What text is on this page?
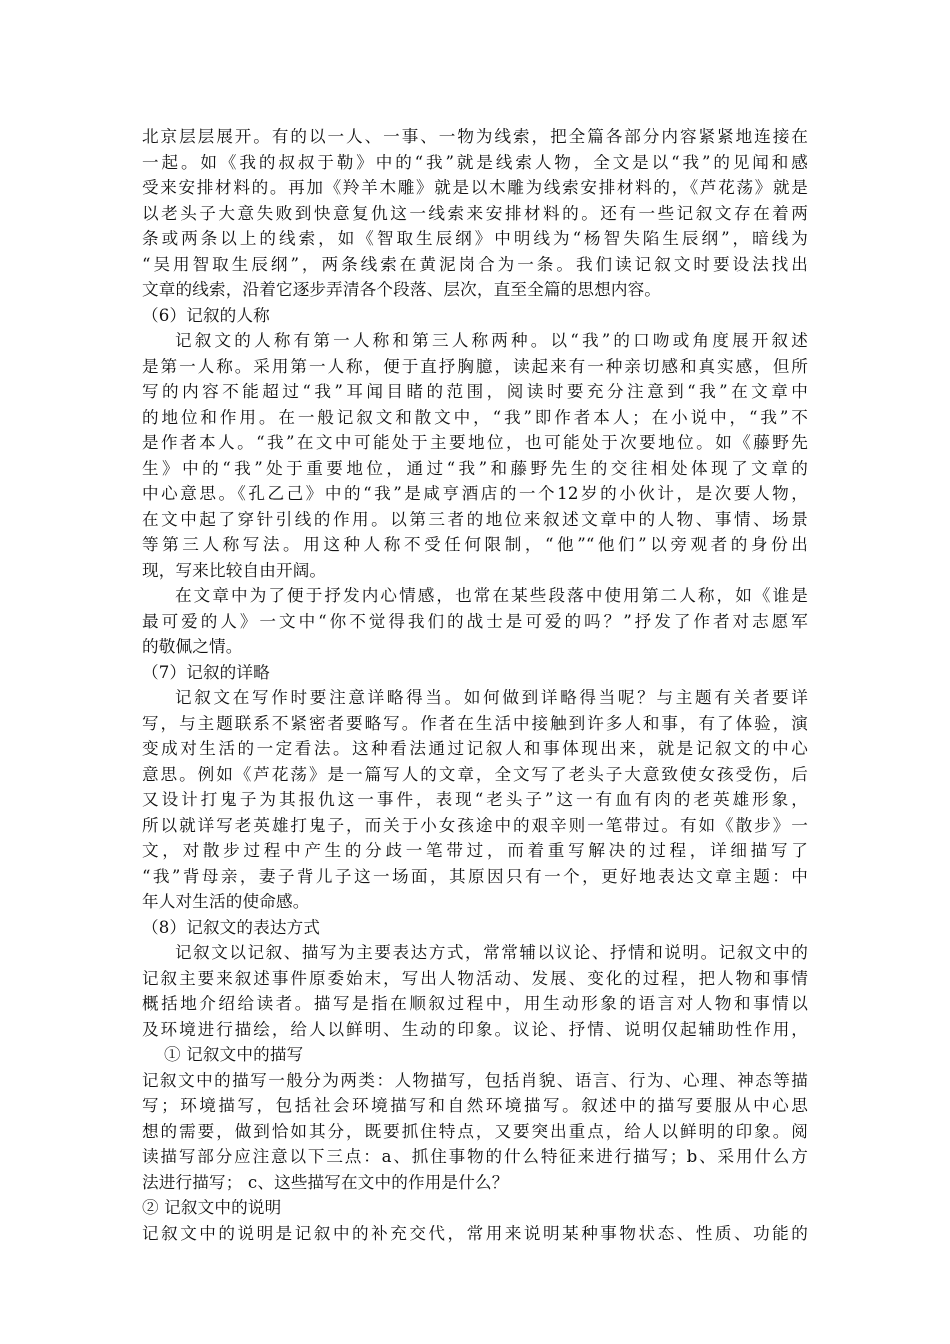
北京层层展开。有的以一人、一事、一物为线索，把全篇各部分内容紧紧地连接在
一起。如《我的叔叔于勒》中的“我”就是线索人物，全文是以“我”的见闻和感
受来安排材料的。再加《羚羊木雕》就是以木雕为线索安排材料的，《芦花荡》就是
以老头子大意失败到快意复仇这一线索来安排材料的。还有一些记叙文存在着两
条或两条以上的线索，如《智取生辰纲》中明线为“杨智失陷生辰纲”，暗线为
“吴用智取生辰纲”，两条线索在黄泥岗合为一条。我们读记叙文时要设法找出
文章的线索，沿着它逐步弄清各个段落、层次，直至全篇的思想内容。
（6）记叙的人称
记叙文的人称有第一人称和第三人称两种。以“我”的口吻或角度展开叙述
是第一人称。采用第一人称，便于直抒胸臆，读起来有一种亲切感和真实感，但所
写的内容不能超过“我”耳闻目睹的范围，阅读时要充分注意到“我”在文章中
的地位和作用。在一般记叙文和散文中，“我”即作者本人；在小说中，“我”不
是作者本人。“我”在文中可能处于主要地位，也可能处于次要地位。如《藤野先
生》中的“我”处于重要地位，通过“我”和藤野先生的交往相处体现了文章的
中心意思。《孔乙己》中的“我”是咸亨酒店的一个12岁的小伙计，是次要人物，
在文中起了穿针引线的作用。以第三者的地位来叙述文章中的人物、事情、场景
等第三人称写法。用这种人称不受任何限制，“他”“他们”以旁观者的身份出
现，写来比较自由开阔。
在文章中为了便于抒发内心情感，也常在某些段落中使用第二人称，如《谁是
最可爱的人》一文中“你不觉得我们的战士是可爱的吗？”抒发了作者对志愿军
的敬佩之情。
（7）记叙的详略
记叙文在写作时要注意详略得当。如何做到详略得当呢？与主题有关者要详
写，与主题联系不紧密者要略写。作者在生活中接触到许多人和事，有了体验，演
变成对生活的一定看法。这种看法通过记叙人和事体现出来，就是记叙文的中心
意思。例如《芦花荡》是一篇写人的文章，全文写了老头子大意致使女孩受伤，后
又设计打鬼子为其报仇这一事件，表现“老头子”这一有血有肉的老英雄形象，
所以就详写老英雄打鬼子，而关于小女孩途中的艰辛则一笔带过。有如《散步》一
文，对散步过程中产生的分歧一笔带过，而着重写解决的过程，详细描写了
“我”背母亲，妻子背儿子这一场面，其原因只有一个，更好地表达文章主题：中
年人对生活的使命感。
（8）记叙文的表达方式
记叙文以记叙、描写为主要表达方式，常常辅以议论、抒情和说明。记叙文中的
记叙主要来叙述事件原委始末，写出人物活动、发展、变化的过程，把人物和事情
概括地介绍给读者。描写是指在顺叙过程中，用生动形象的语言对人物和事情以
及环境进行描绘，给人以鲜明、生动的印象。议论、抒情、说明仅起辅助性作用，
① 记叙文中的描写
记叙文中的描写一般分为两类：人物描写，包括肖貌、语言、行为、心理、神态等描
写；环境描写，包括社会环境描写和自然环境描写。叙述中的描写要服从中心思
想的需要，做到恰如其分，既要抓住特点，又要突出重点，给人以鲜明的印象。阅
读描写部分应注意以下三点：a、抓住事物的什么特征来进行描写；b、采用什么方
法进行描写； c、这些描写在文中的作用是什么？
② 记叙文中的说明
记叙文中的说明是记叙中的补充交代，常用来说明某种事物状态、性质、功能的
